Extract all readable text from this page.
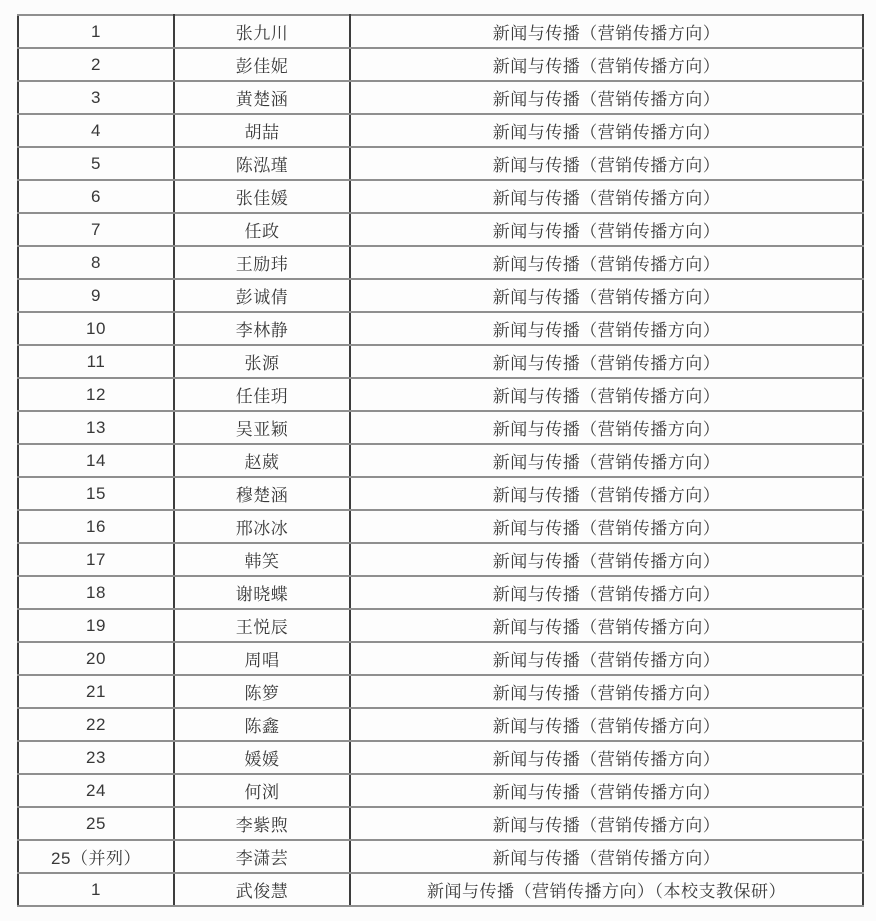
1	张九川	新闻与传播（营销传播方向）
2	彭佳妮	新闻与传播（营销传播方向）
3	黄楚涵	新闻与传播（营销传播方向）
4	胡喆	新闻与传播（营销传播方向）
5	陈泓瑾	新闻与传播（营销传播方向）
6	张佳媛	新闻与传播（营销传播方向）
7	任政	新闻与传播（营销传播方向）
8	王励玮	新闻与传播（营销传播方向）
9	彭诚倩	新闻与传播（营销传播方向）
10	李林静	新闻与传播（营销传播方向）
11	张源	新闻与传播（营销传播方向）
12	任佳玥	新闻与传播（营销传播方向）
13	吴亚颖	新闻与传播（营销传播方向）
14	赵葳	新闻与传播（营销传播方向）
15	穆楚涵	新闻与传播（营销传播方向）
16	邢冰冰	新闻与传播（营销传播方向）
17	韩笑	新闻与传播（营销传播方向）
18	谢晓蝶	新闻与传播（营销传播方向）
19	王悦辰	新闻与传播（营销传播方向）
20	周唱	新闻与传播（营销传播方向）
21	陈箩	新闻与传播（营销传播方向）
22	陈鑫	新闻与传播（营销传播方向）
23	媛媛	新闻与传播（营销传播方向）
24	何浏	新闻与传播（营销传播方向）
25	李紫煦	新闻与传播（营销传播方向）
25（并列）	李潇芸	新闻与传播（营销传播方向）
1	武俊慧	新闻与传播（营销传播方向）（本校支教保研）
